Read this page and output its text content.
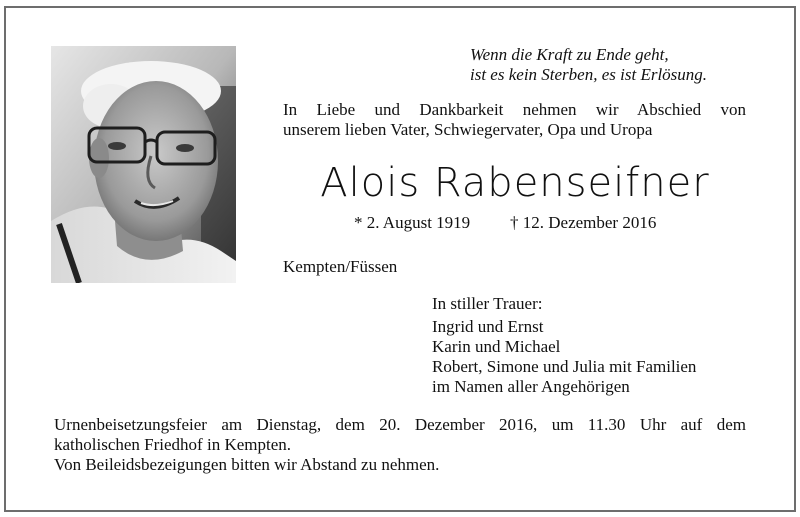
Wenn die Kraft zu Ende geht,
ist es kein Sterben, es ist Erlösung.
In Liebe und Dankbarkeit nehmen wir Abschied von
unserem lieben Vater, Schwiegervater, Opa und Uropa
Alois Rabenseifner
* 2. August 1919 † 12. Dezember 2016
Kempten/Füssen
In stiller Trauer:
Ingrid und Ernst
Karin und Michael
Robert, Simone und Julia mit Familien
im Namen aller Angehörigen
Urnenbeisetzungsfeier am Dienstag, dem 20. Dezember 2016, um 11.30 Uhr auf dem
katholischen Friedhof in Kempten.
Von Beileidsbezeigungen bitten wir Abstand zu nehmen.
